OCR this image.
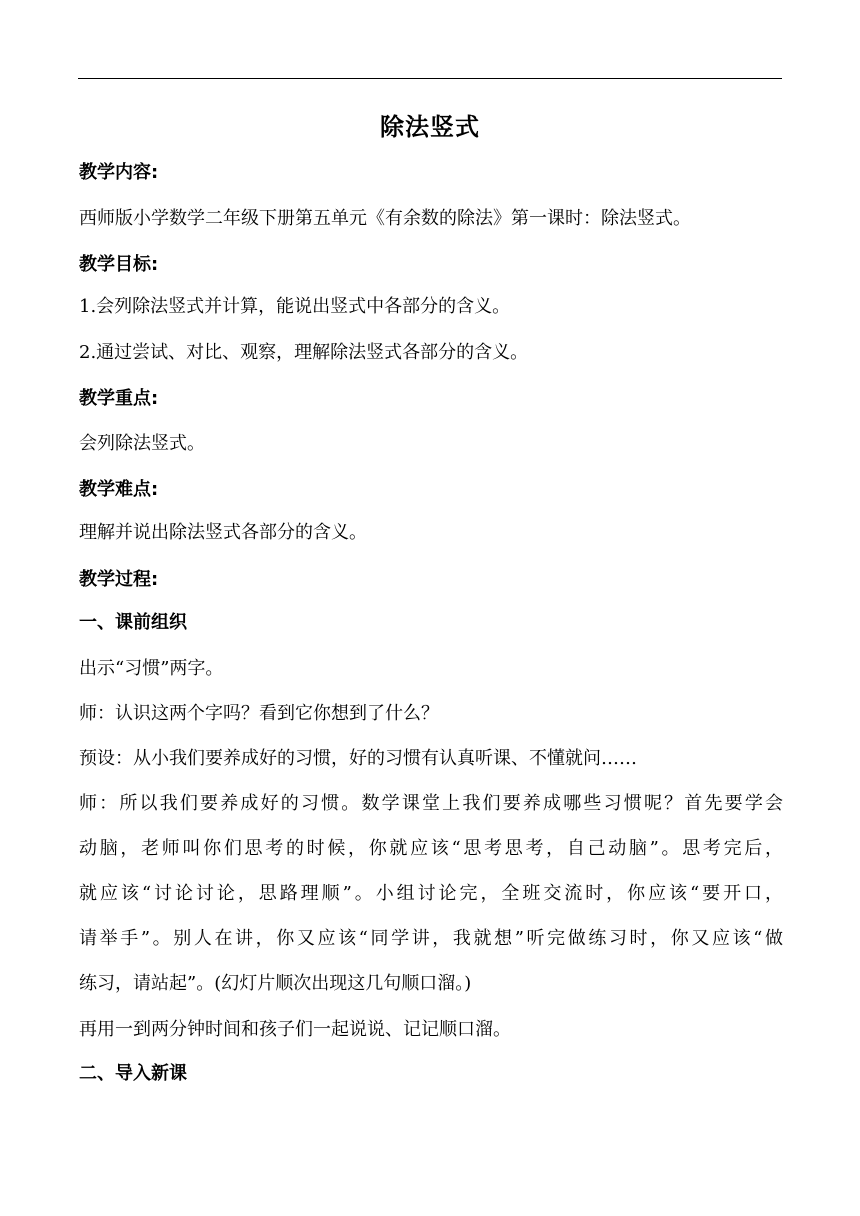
除法竖式
教学内容:
西师版小学数学二年级下册第五单元《有余数的除法》第一课时：除法竖式。
教学目标:
1.会列除法竖式并计算，能说出竖式中各部分的含义。
2.通过尝试、对比、观察，理解除法竖式各部分的含义。
教学重点:
会列除法竖式。
教学难点:
理解并说出除法竖式各部分的含义。
教学过程:
一、课前组织
出示“习惯”两字。
师：认识这两个字吗？看到它你想到了什么？
预设：从小我们要养成好的习惯，好的习惯有认真听课、不懂就问……
师：所以我们要养成好的习惯。数学课堂上我们要养成哪些习惯呢？首先要学会
动脑，老师叫你们思考的时候，你就应该“思考思考，自己动脑”。思考完后，
就应该“讨论讨论，思路理顺”。小组讨论完，全班交流时，你应该“要开口，
请举手”。别人在讲，你又应该“同学讲，我就想”听完做练习时，你又应该“做
练习，请站起”。(幻灯片顺次出现这几句顺口溜。)
再用一到两分钟时间和孩子们一起说说、记记顺口溜。
二、导入新课
